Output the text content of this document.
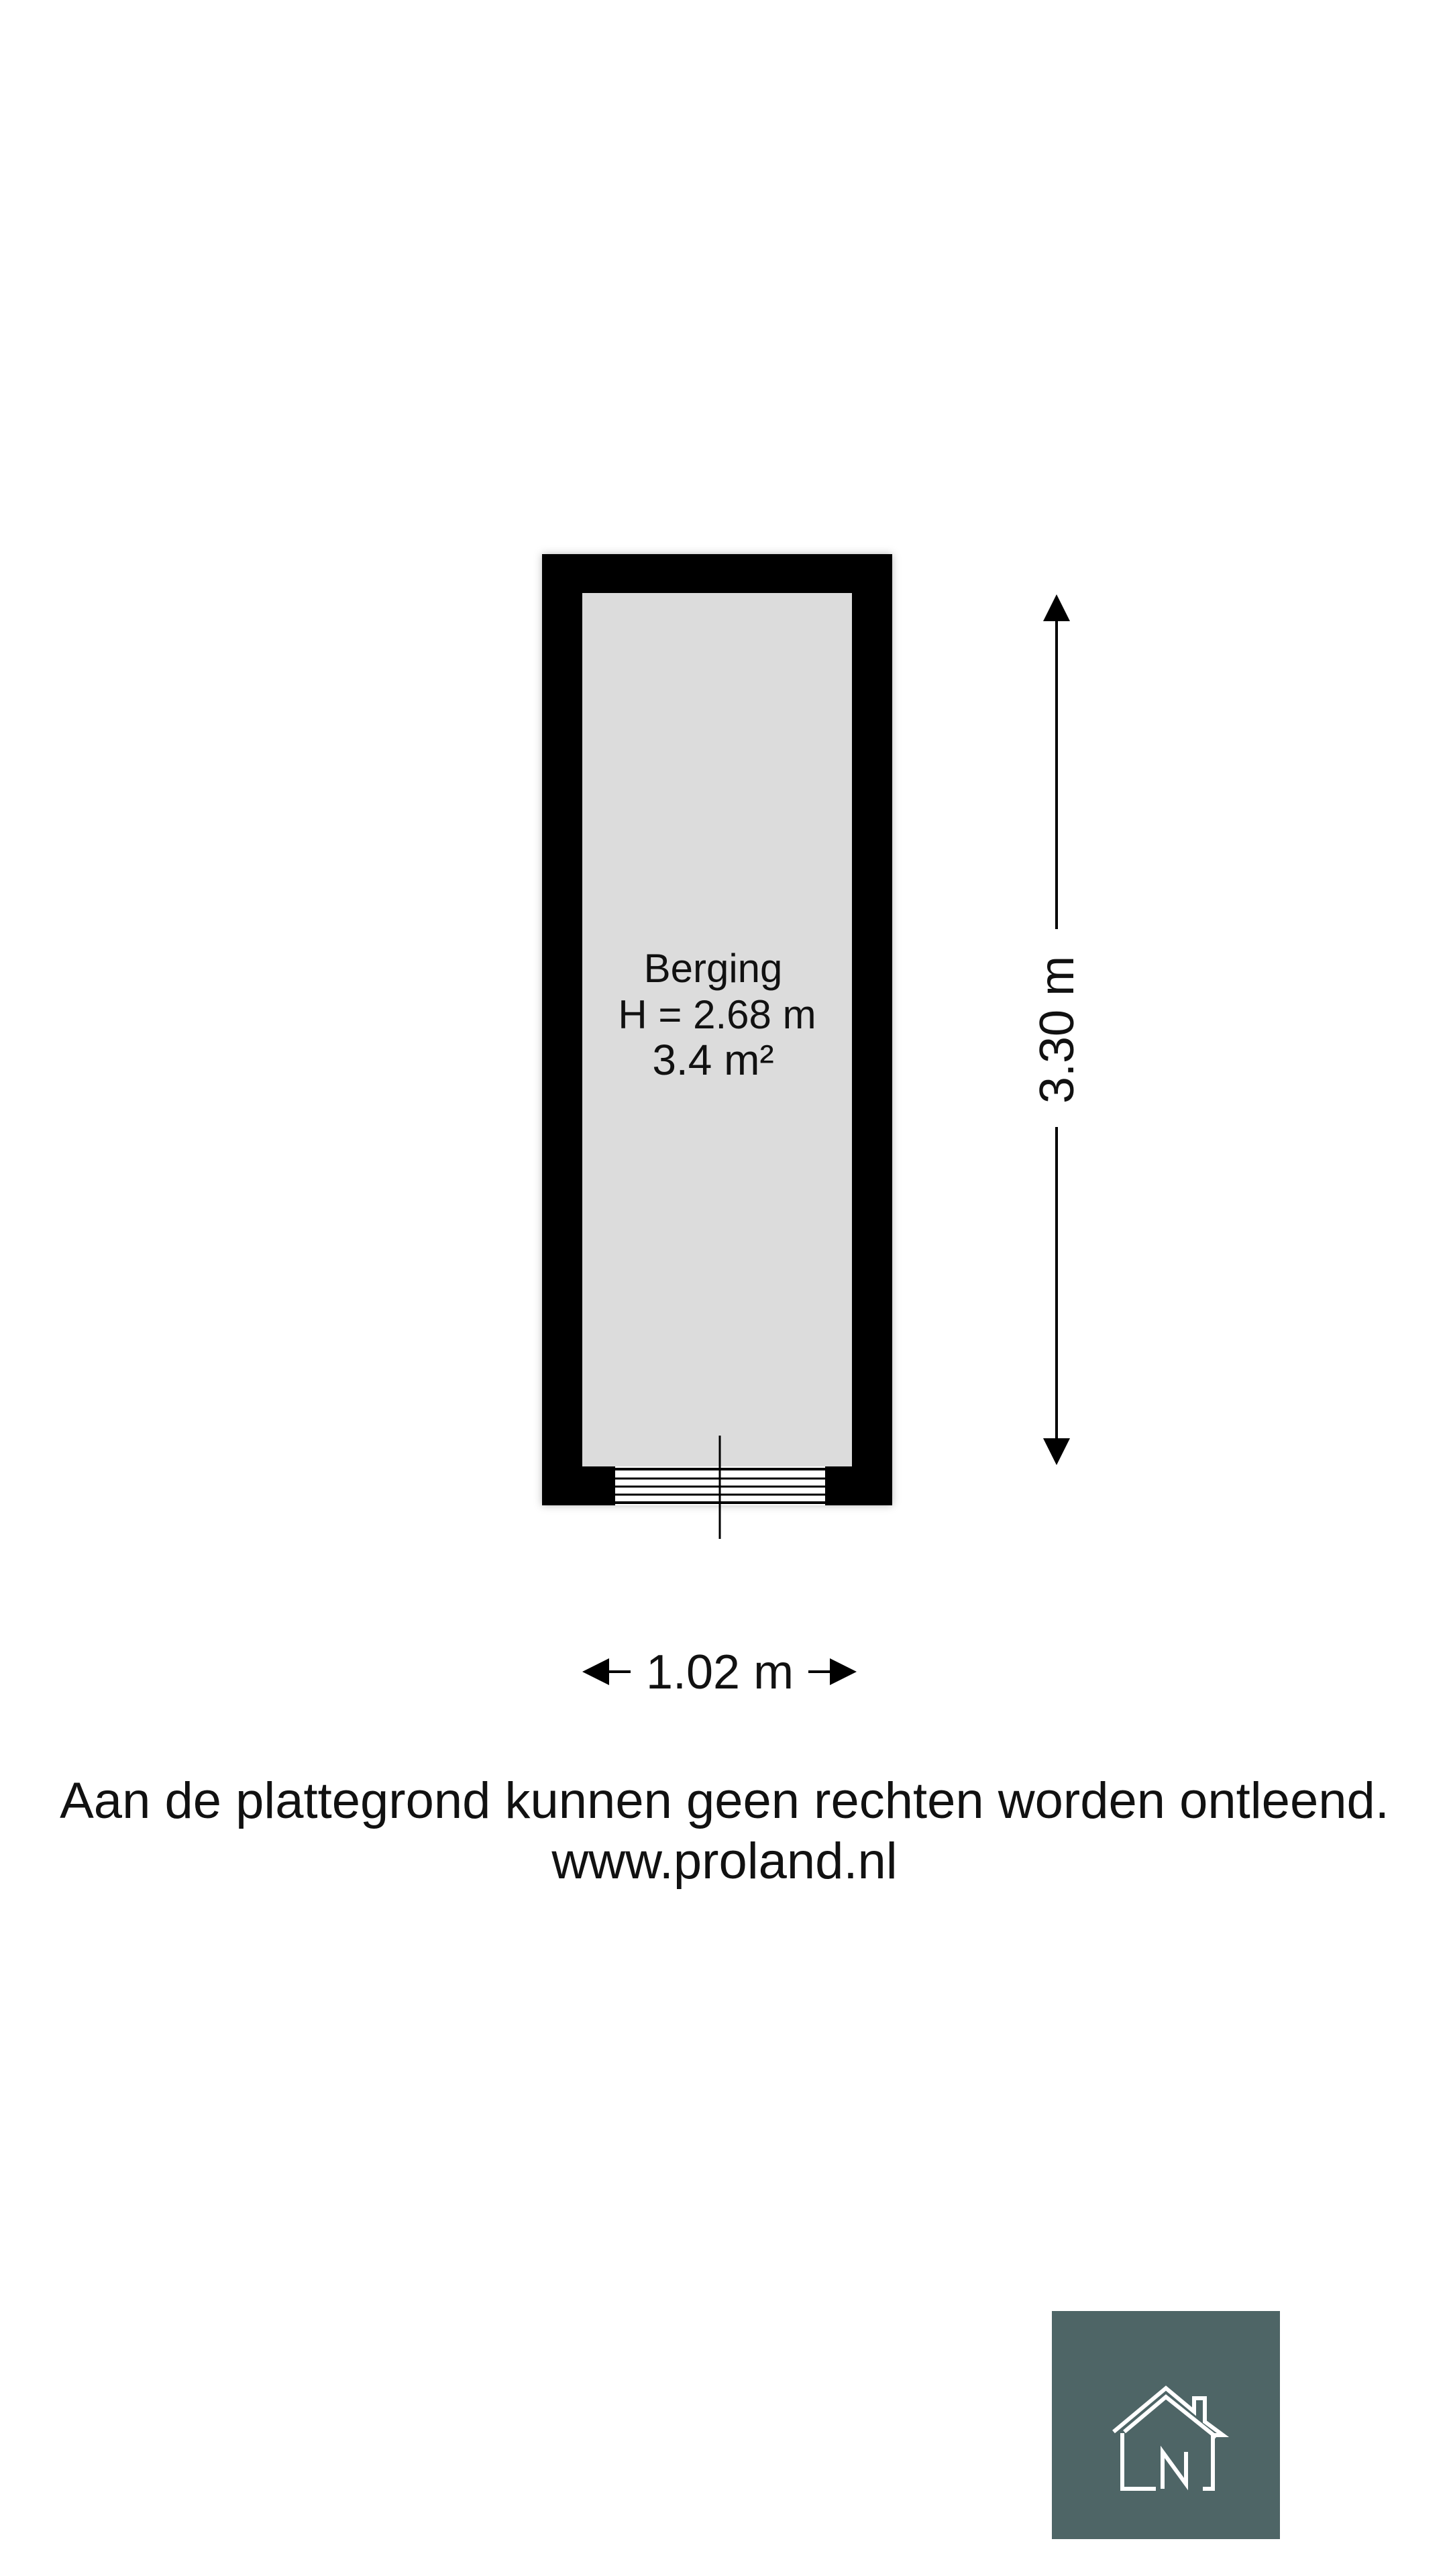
Berging
H = 2.68 m
3.4 m²	3.30 m
1.02 m
Aan de plattegrond kunnen geen rechten worden ontleend.
www.proland.nl
